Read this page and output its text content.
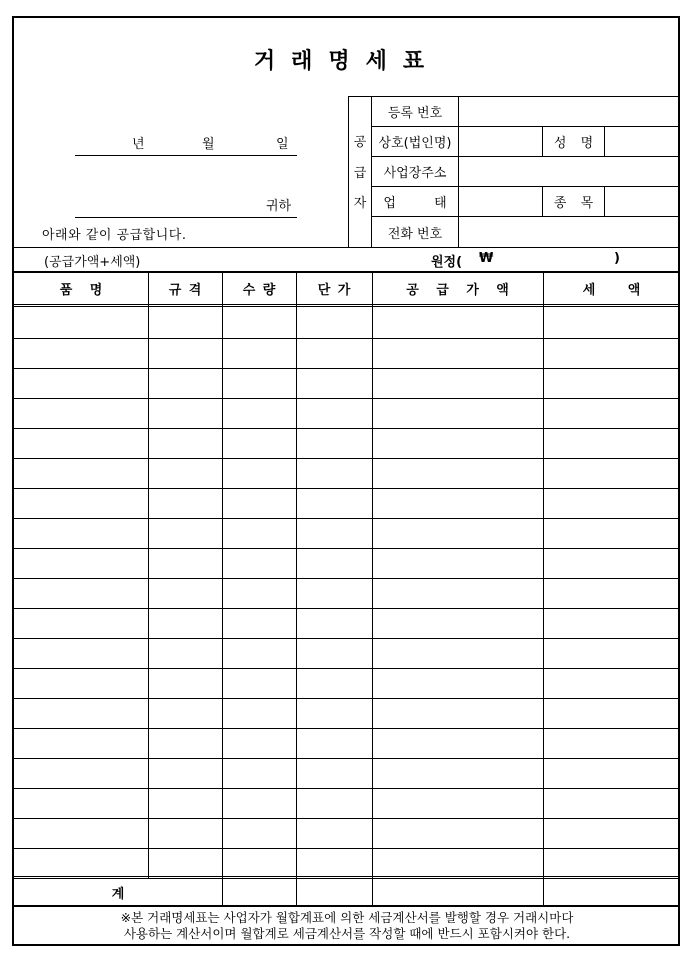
거래명세표
년	월	일
귀하
아래와 같이 공급합니다.
공
급
자
등록 번호
상호(법인명)	성 명
사업장주소
업 태	종 목
전화 번호
(공급가액+세액)	원정( ₩	)
품 명	규 격	수 량	단 가	공 급 가 액	세 액
계
※본 거래명세표는 사업자가 월합계표에 의한 세금계산서를 발행할 경우 거래시마다
사용하는 계산서이며 월합계로 세금계산서를 작성할 때에 반드시 포함시켜야 한다.
